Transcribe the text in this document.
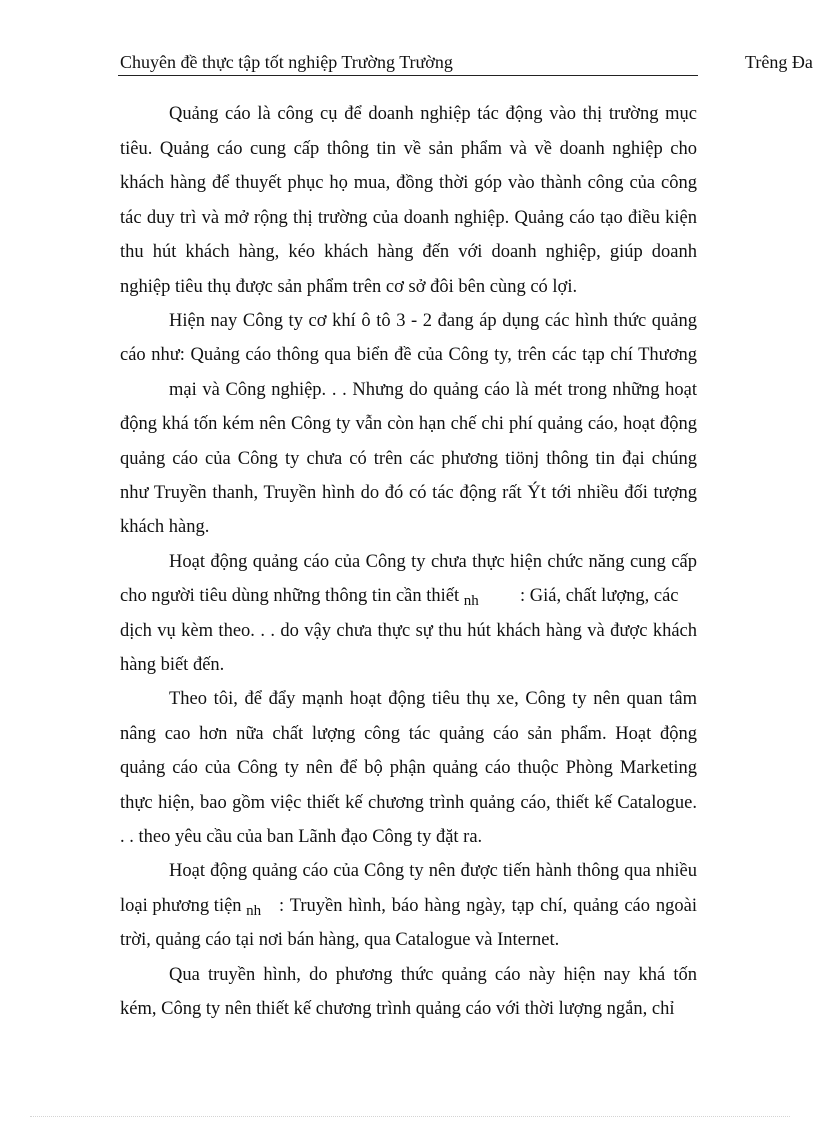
Chuyên đề thực tập tốt nghiệp Trường Trường	Trêng Đa
Quảng cáo là công cụ để doanh nghiệp tác động vào thị trường mục
tiêu. Quảng cáo cung cấp thông tin về sản phẩm và về doanh nghiệp cho
khách hàng để thuyết phục họ mua, đồng thời góp vào thành công của công
tác duy trì và mở rộng thị trường của doanh nghiệp. Quảng cáo tạo điều kiện
thu hút khách hàng, kéo khách hàng đến với doanh nghiệp, giúp doanh
nghiệp tiêu thụ được sản phẩm trên cơ sở đôi bên cùng có lợi.
Hiện nay Công ty cơ khí ô tô 3 - 2 đang áp dụng các hình thức quảng
cáo như: Quảng cáo thông qua biển đề của Công ty, trên các tạp chí Thương
mại và Công nghiệp. . . Nhưng do quảng cáo là mét trong những hoạt
động khá tốn kém nên Công ty vẫn còn hạn chế chi phí quảng cáo, hoạt động
quảng cáo của Công ty chưa có trên các phương tiönj thông tin đại chúng
như Truyền thanh, Truyền hình do đó có tác động rất Ýt tới nhiều đối tượng
khách hàng.
Hoạt động quảng cáo của Công ty chưa thực hiện chức năng cung cấp
cho người tiêu dùng những thông tin cần thiết $_{nh}$ : Giá, chất lượng, các
dịch vụ kèm theo. . . do vậy chưa thực sự thu hút khách hàng và được khách
hàng biết đến.
Theo tôi, để đẩy mạnh hoạt động tiêu thụ xe, Công ty nên quan tâm
nâng cao hơn nữa chất lượng công tác quảng cáo sản phẩm. Hoạt động
quảng cáo của Công ty nên để bộ phận quảng cáo thuộc Phòng Marketing
thực hiện, bao gồm việc thiết kế chương trình quảng cáo, thiết kế Catalogue.
. . theo yêu cầu của ban Lãnh đạo Công ty đặt ra.
Hoạt động quảng cáo của Công ty nên được tiến hành thông qua nhiều
loại phương tiện $_{nh}$ : Truyền hình, báo hàng ngày, tạp chí, quảng cáo ngoài
trời, quảng cáo tại nơi bán hàng, qua Catalogue và Internet.
Qua truyền hình, do phương thức quảng cáo này hiện nay khá tốn
kém, Công ty nên thiết kế chương trình quảng cáo với thời lượng ngắn, chỉ
